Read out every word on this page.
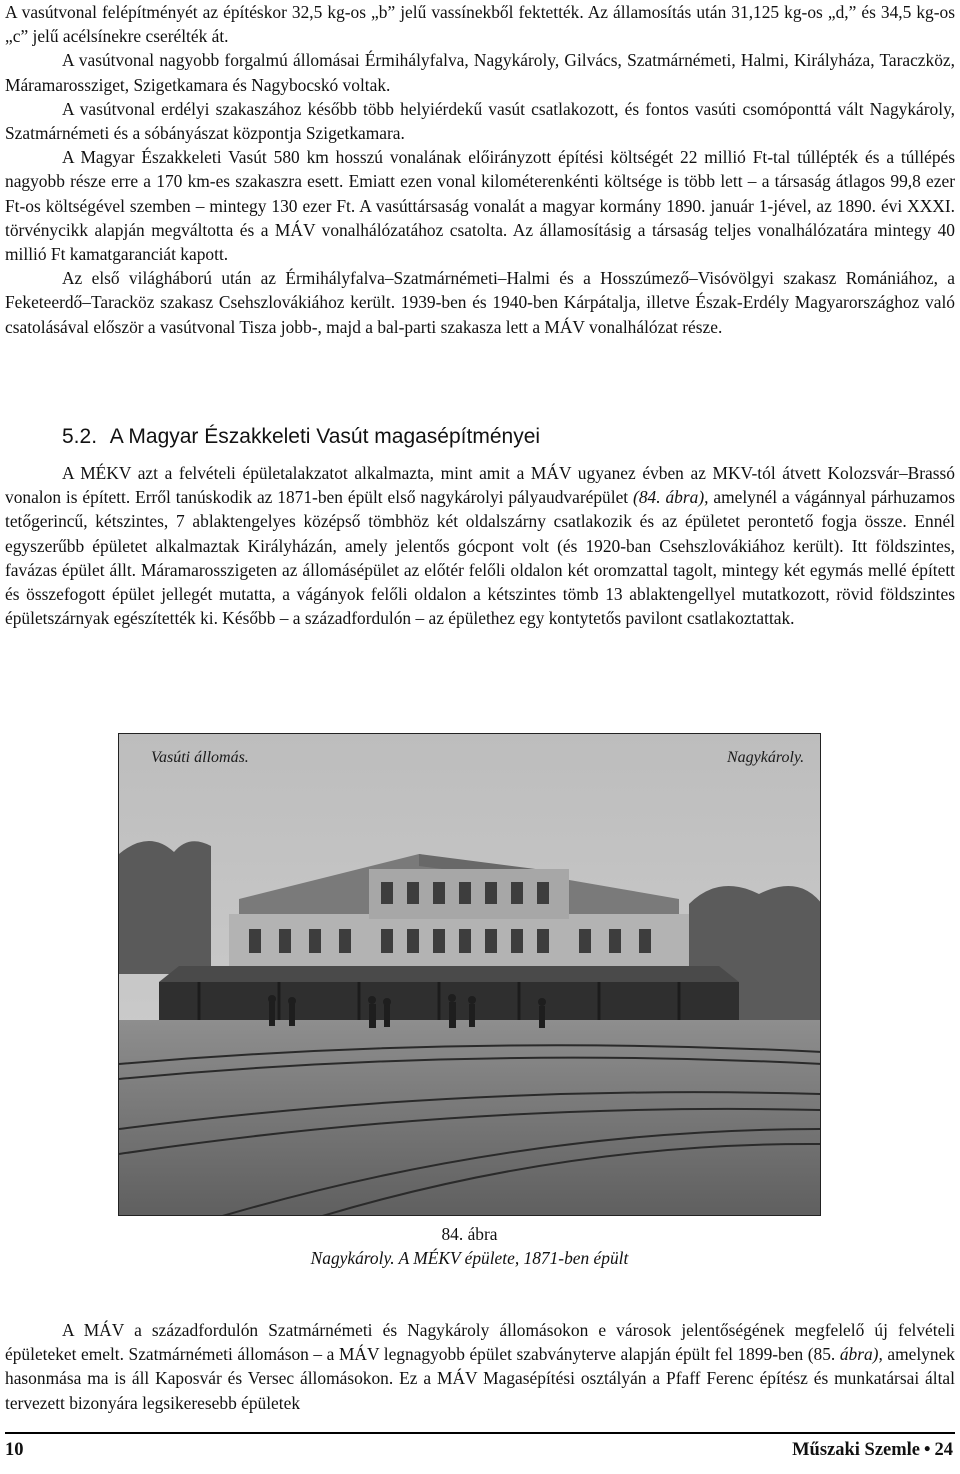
A vasútvonal felépítményét az építéskor 32,5 kg-os „b” jelű vassínekből fektették. Az államosítás után 31,125 kg-os „d,” és 34,5 kg-os „c” jelű acélsínekre cserélték át.

A vasútvonal nagyobb forgalmú állomásai Érmihályfalva, Nagykároly, Gilvács, Szatmárnémeti, Halmi, Királyháza, Taraczköz, Máramarossziget, Szigetkamara és Nagybocskó voltak.

A vasútvonal erdélyi szakaszához később több helyiérdekű vasút csatlakozott, és fontos vasúti csomóponttá vált Nagykároly, Szatmárnémeti és a sóbányászat központja Szigetkamara.

A Magyar Északkeleti Vasút 580 km hosszú vonalának előirányzott építési költségét 22 millió Ft-tal túllépték és a túllépés nagyobb része erre a 170 km-es szakaszra esett. Emiatt ezen vonal kilométerenkénti költsége is több lett – a társaság átlagos 99,8 ezer Ft-os költségével szemben – mintegy 130 ezer Ft. A vasúttársaság vonalát a magyar kormány 1890. január 1-jével, az 1890. évi XXXI. törvénycikk alapján megváltotta és a MÁV vonalhálózatához csatolta. Az államosításig a társaság teljes vonalhálózatára mintegy 40 millió Ft kamatgaranciát kapott.

Az első világháború után az Érmihályfalva–Szatmárnémeti–Halmi és a Hosszúmező–Visóvölgyi szakasz Romániához, a Feketeerdő–Taracköz szakasz Csehszlovákiához került. 1939-ben és 1940-ben Kárpátalja, illetve Észak-Erdély Magyarországhoz való csatolásával először a vasútvonal Tisza jobb-, majd a bal-parti szakasza lett a MÁV vonalhálózat része.

5.2. A Magyar Északkeleti Vasút magasépítményei

A MÉKV azt a felvételi épületalakzatot alkalmazta, mint amit a MÁV ugyanez évben az MKV-tól átvett Kolozsvár–Brassó vonalon is épített. Erről tanúskodik az 1871-ben épült első nagykárolyi pályaudvarépület (84. ábra), amelynél a vágánnyal párhuzamos tetőgerincű, kétszintes, 7 ablaktengelyes középső tömbhöz két oldalszárny csatlakozik és az épületet perontető fogja össze. Ennél egyszerűbb épületet alkalmaztak Királyházán, amely jelentős gócpont volt (és 1920-ban Csehszlovákiához került). Itt földszintes, favázas épület állt. Máramarosszigeten az állomásépület az előtér felőli oldalon két oromzattal tagolt, mintegy két egymás mellé épített és összefogott épület jellegét mutatta, a vágányok felőli oldalon a kétszintes tömb 13 ablaktengellyel mutatkozott, rövid földszintes épületszárnyak egészítették ki. Később – a századfordulón – az épülethez egy kontytetős pavilont csatlakoztattak.

Vasúti állomás.	Nagykároly.
84. ábra
Nagykároly. A MÉKV épülete, 1871-ben épült

A MÁV a századfordulón Szatmárnémeti és Nagykároly állomásokon e városok jelentőségének megfelelő új felvételi épületeket emelt. Szatmárnémeti állomáson – a MÁV legnagyobb épület szabványterve alapján épült fel 1899-ben (85. ábra), amelynek hasonmása ma is áll Kaposvár és Versec állomásokon. Ez a MÁV Magasépítési osztályán a Pfaff Ferenc építész és munkatársai által tervezett bizonyára legsikeresebb épületek

10	Műszaki Szemle • 24
